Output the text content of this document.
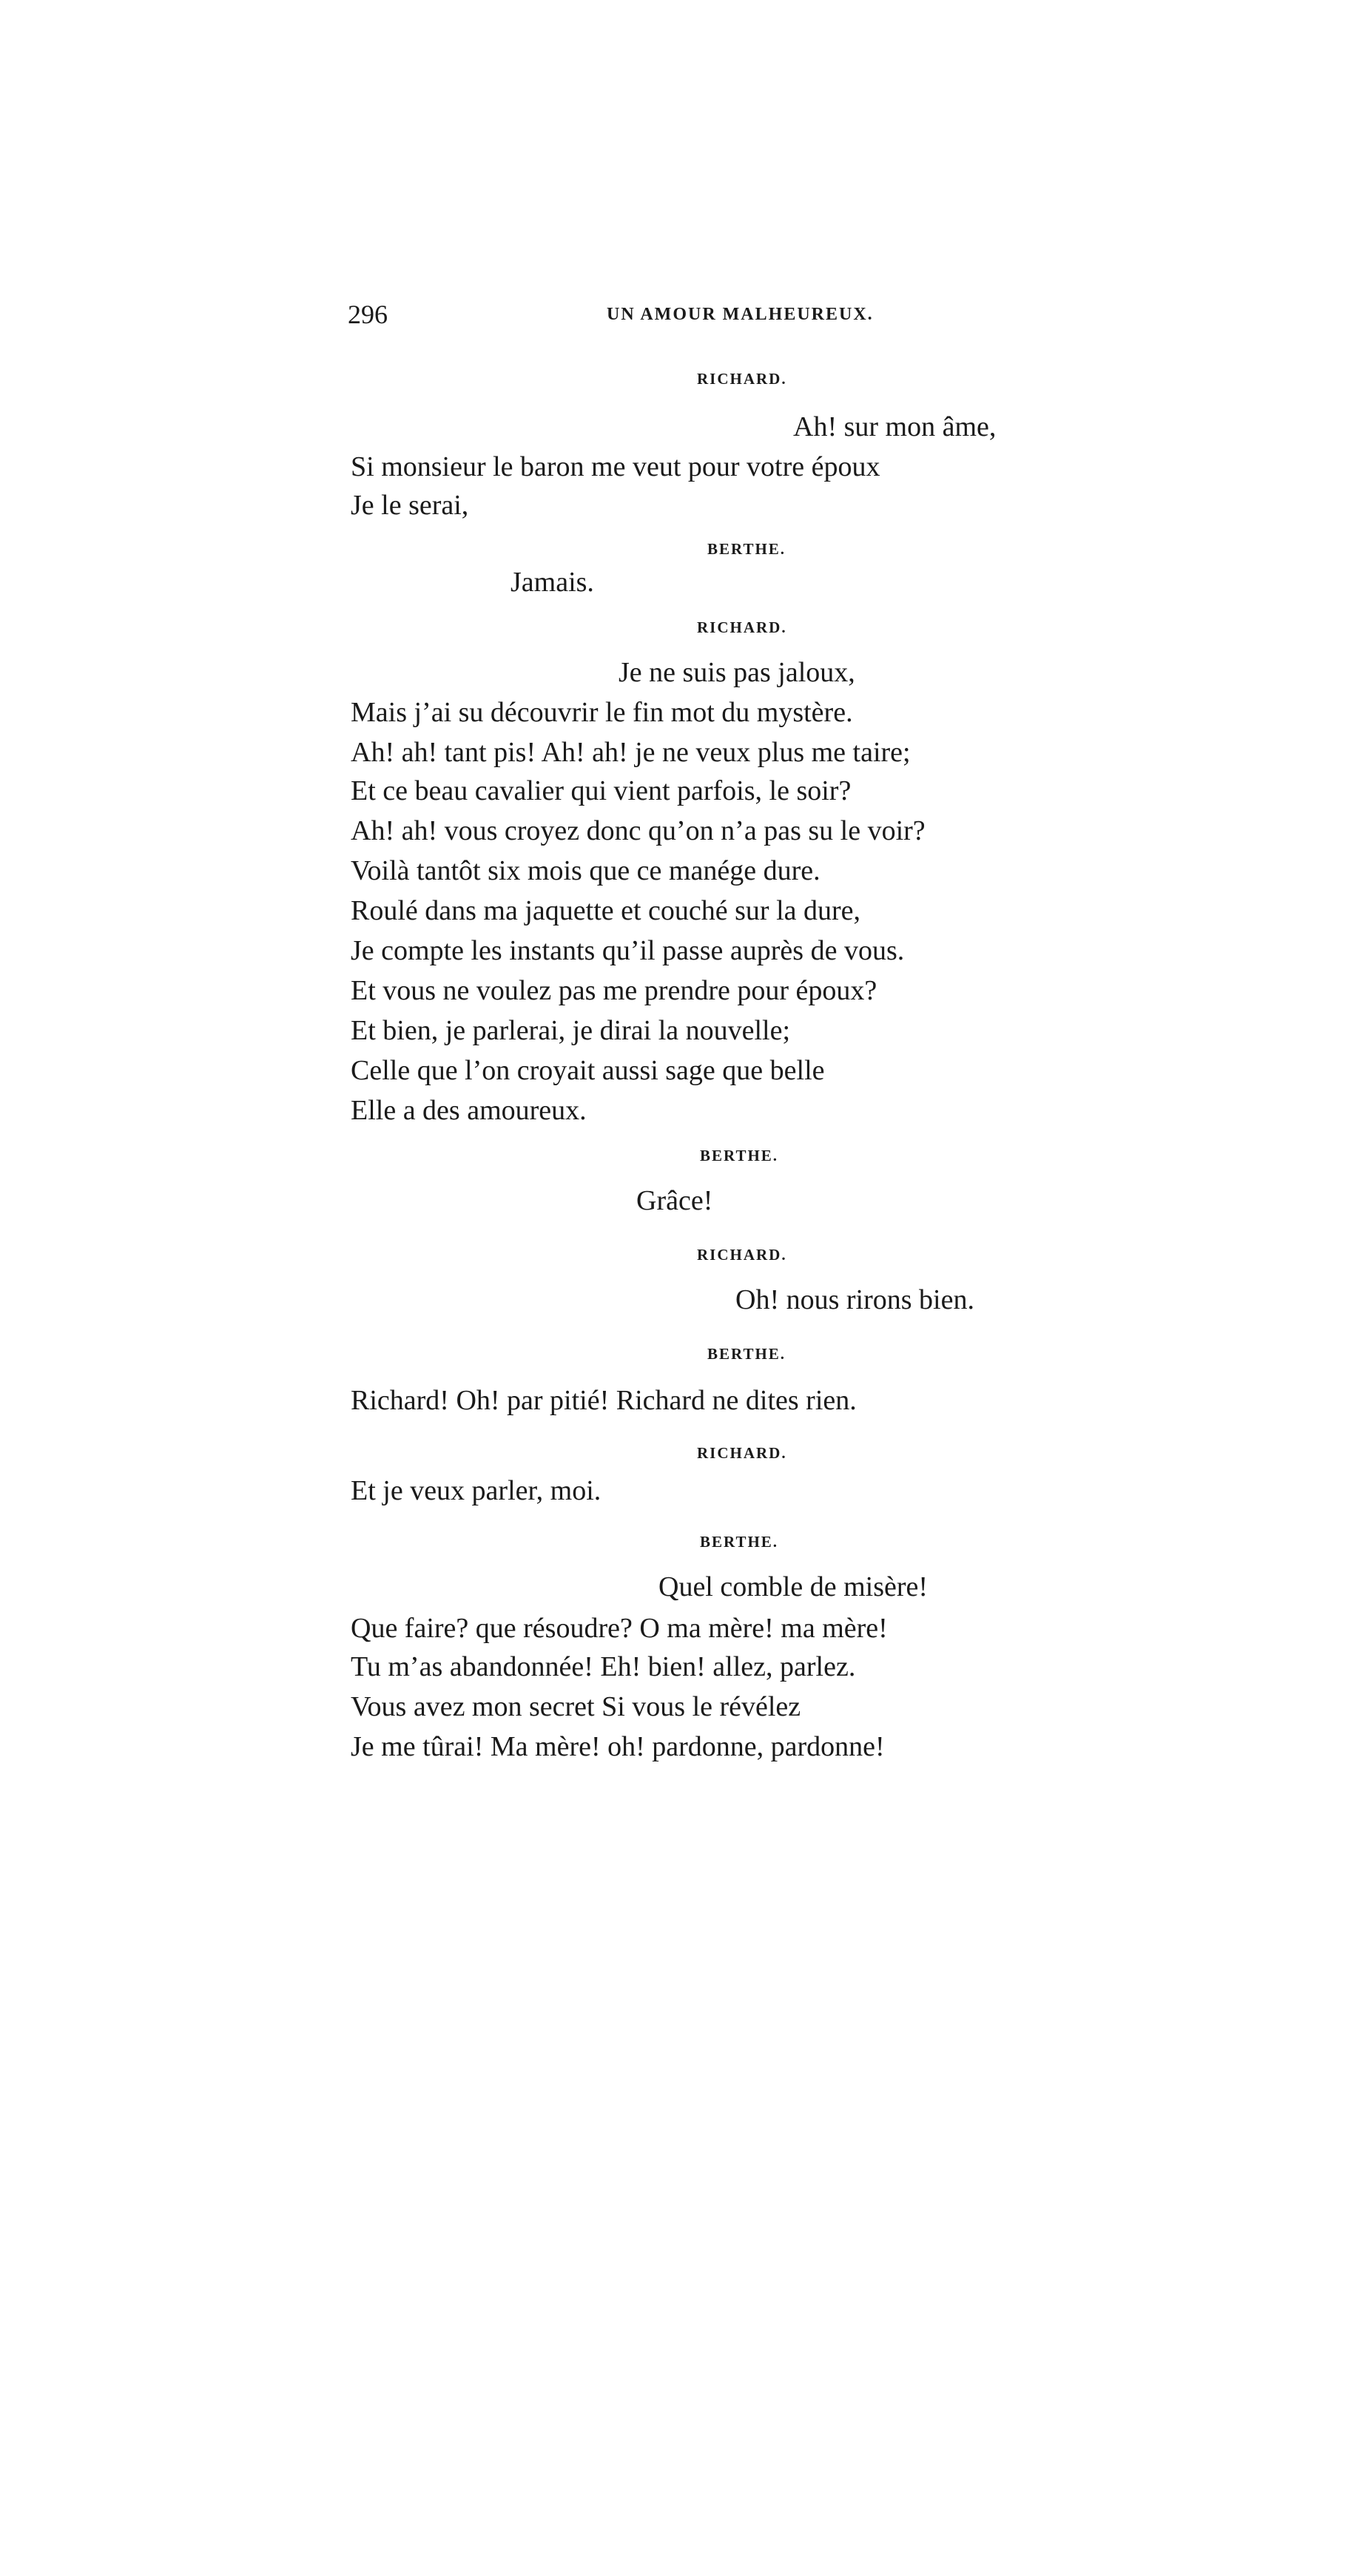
296	UN AMOUR MALHEUREUX.
RICHARD.
Ah! sur mon âme,
Si monsieur le baron me veut pour votre époux
Je le serai,
BERTHE.
Jamais.
RICHARD.
Je ne suis pas jaloux,
Mais j’ai su découvrir le fin mot du mystère.
Ah! ah! tant pis! Ah! ah! je ne veux plus me taire;
Et ce beau cavalier qui vient parfois, le soir?
Ah! ah! vous croyez donc qu’on n’a pas su le voir?
Voilà tantôt six mois que ce manége dure.
Roulé dans ma jaquette et couché sur la dure,
Je compte les instants qu’il passe auprès de vous.
Et vous ne voulez pas me prendre pour époux?
Et bien, je parlerai, je dirai la nouvelle;
Celle que l’on croyait aussi sage que belle
Elle a des amoureux.
BERTHE.
Grâce!
RICHARD.
Oh! nous rirons bien.
BERTHE.
Richard! Oh! par pitié! Richard ne dites rien.
RICHARD.
Et je veux parler, moi.
BERTHE.
Quel comble de misère!
Que faire? que résoudre? O ma mère! ma mère!
Tu m’as abandonnée! Eh! bien! allez, parlez.
Vous avez mon secret Si vous le révélez
Je me tûrai! Ma mère! oh! pardonne, pardonne!
